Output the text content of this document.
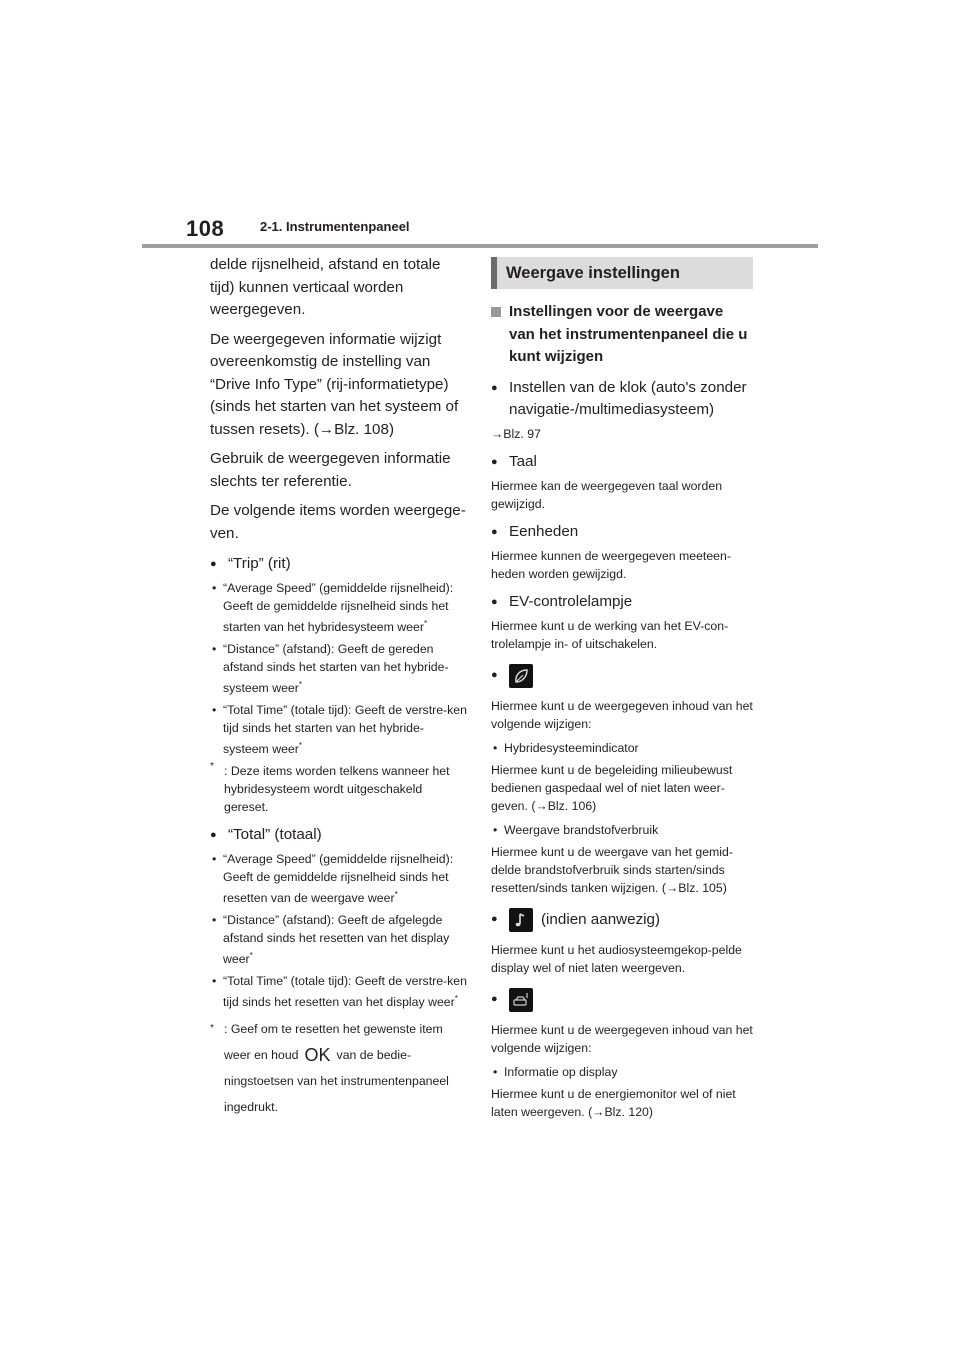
108	2-1. Instrumentenpaneel

delde rijsnelheid, afstand en totale tijd) kunnen verticaal worden weergegeven.

De weergegeven informatie wijzigt overeenkomstig de instelling van “Drive Info Type” (rij-informatietype) (sinds het starten van het systeem of tussen resets). (→Blz. 108)

Gebruik de weergegeven informatie slechts ter referentie.

De volgende items worden weergege-ven.

● “Trip” (rit)
• “Average Speed” (gemiddelde rijsnelheid): Geeft de gemiddelde rijsnelheid sinds het starten van het hybridesysteem weer*
• “Distance” (afstand): Geeft de gereden afstand sinds het starten van het hybride-systeem weer*
• “Total Time” (totale tijd): Geeft de verstre-ken tijd sinds het starten van het hybride-systeem weer*
* : Deze items worden telkens wanneer het hybridesysteem wordt uitgeschakeld gereset.
● “Total” (totaal)
• “Average Speed” (gemiddelde rijsnelheid): Geeft de gemiddelde rijsnelheid sinds het resetten van de weergave weer*
• “Distance” (afstand): Geeft de afgelegde afstand sinds het resetten van het display weer*
• “Total Time” (totale tijd): Geeft de verstre-ken tijd sinds het resetten van het display weer*
* : Geef om te resetten het gewenste item weer en houd OK van de bedie-ningstoetsen van het instrumentenpaneel ingedrukt.
Weergave instellingen
Instellingen voor de weergave van het instrumentenpaneel die u kunt wijzigen
● Instellen van de klok (auto's zonder navigatie-/multimediasysteem)

→Blz. 97

● Taal

Hiermee kan de weergegeven taal worden gewijzigd.

● Eenheden

Hiermee kunnen de weergegeven meeteen-heden worden gewijzigd.

● EV-controlelampje

Hiermee kunt u de werking van het EV-con-trolelampje in- of uitschakelen.

●

Hiermee kunt u de weergegeven inhoud van het volgende wijzigen:

• Hybridesysteemindicator

Hiermee kunt u de begeleiding milieubewust bedienen gaspedaal wel of niet laten weer-geven. (→Blz. 106)

• Weergave brandstofverbruik

Hiermee kunt u de weergave van het gemid-delde brandstofverbruik sinds starten/sinds resetten/sinds tanken wijzigen. (→Blz. 105)

● (indien aanwezig)

Hiermee kunt u het audiosysteemgekop-pelde display wel of niet laten weergeven.

●

Hiermee kunt u de weergegeven inhoud van het volgende wijzigen:

• Informatie op display

Hiermee kunt u de energiemonitor wel of niet laten weergeven. (→Blz. 120)
